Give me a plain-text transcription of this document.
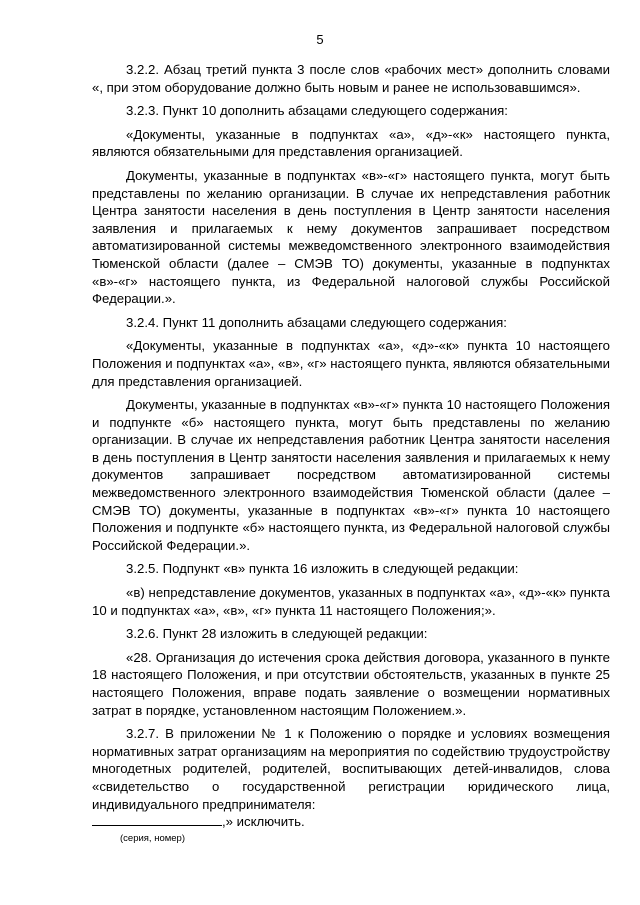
5

3.2.2. Абзац третий пункта 3 после слов «рабочих мест» дополнить словами «, при этом оборудование должно быть новым и ранее не использовавшимся».

3.2.3. Пункт 10 дополнить абзацами следующего содержания:

«Документы, указанные в подпунктах «а», «д»-«к» настоящего пункта, являются обязательными для представления организацией.

Документы, указанные в подпунктах «в»-«г» настоящего пункта, могут быть представлены по желанию организации. В случае их непредставления работник Центра занятости населения в день поступления в Центр занятости населения заявления и прилагаемых к нему документов запрашивает посредством автоматизированной системы межведомственного электронного взаимодействия Тюменской области (далее – СМЭВ ТО) документы, указанные в подпунктах «в»-«г» настоящего пункта, из Федеральной налоговой службы Российской Федерации.».

3.2.4. Пункт 11 дополнить абзацами следующего содержания:

«Документы, указанные в подпунктах «а», «д»-«к» пункта 10 настоящего Положения и подпунктах «а», «в», «г» настоящего пункта, являются обязательными для представления организацией.

Документы, указанные в подпунктах «в»-«г» пункта 10 настоящего Положения и подпункте «б» настоящего пункта, могут быть представлены по желанию организации. В случае их непредставления работник Центра занятости населения в день поступления в Центр занятости населения заявления и прилагаемых к нему документов запрашивает посредством автоматизированной системы межведомственного электронного взаимодействия Тюменской области (далее – СМЭВ ТО) документы, указанные в подпунктах «в»-«г» пункта 10 настоящего Положения и подпункте «б» настоящего пункта, из Федеральной налоговой службы Российской Федерации.».

3.2.5. Подпункт «в» пункта 16 изложить в следующей редакции:

«в) непредставление документов, указанных в подпунктах «а», «д»-«к» пункта 10 и подпунктах «а», «в», «г» пункта 11 настоящего Положения;».

3.2.6. Пункт 28 изложить в следующей редакции:

«28. Организация до истечения срока действия договора, указанного в пункте 18 настоящего Положения, и при отсутствии обстоятельств, указанных в пункте 25 настоящего Положения, вправе подать заявление о возмещении нормативных затрат в порядке, установленном настоящим Положением.».

3.2.7. В приложении № 1 к Положению о порядке и условиях возмещения нормативных затрат организациям на мероприятия по содействию трудоустройству многодетных родителей, родителей, воспитывающих детей-инвалидов, слова «свидетельство о государственной регистрации юридического лица, индивидуального предпринимателя:

,» исключить.
(серия, номер)
